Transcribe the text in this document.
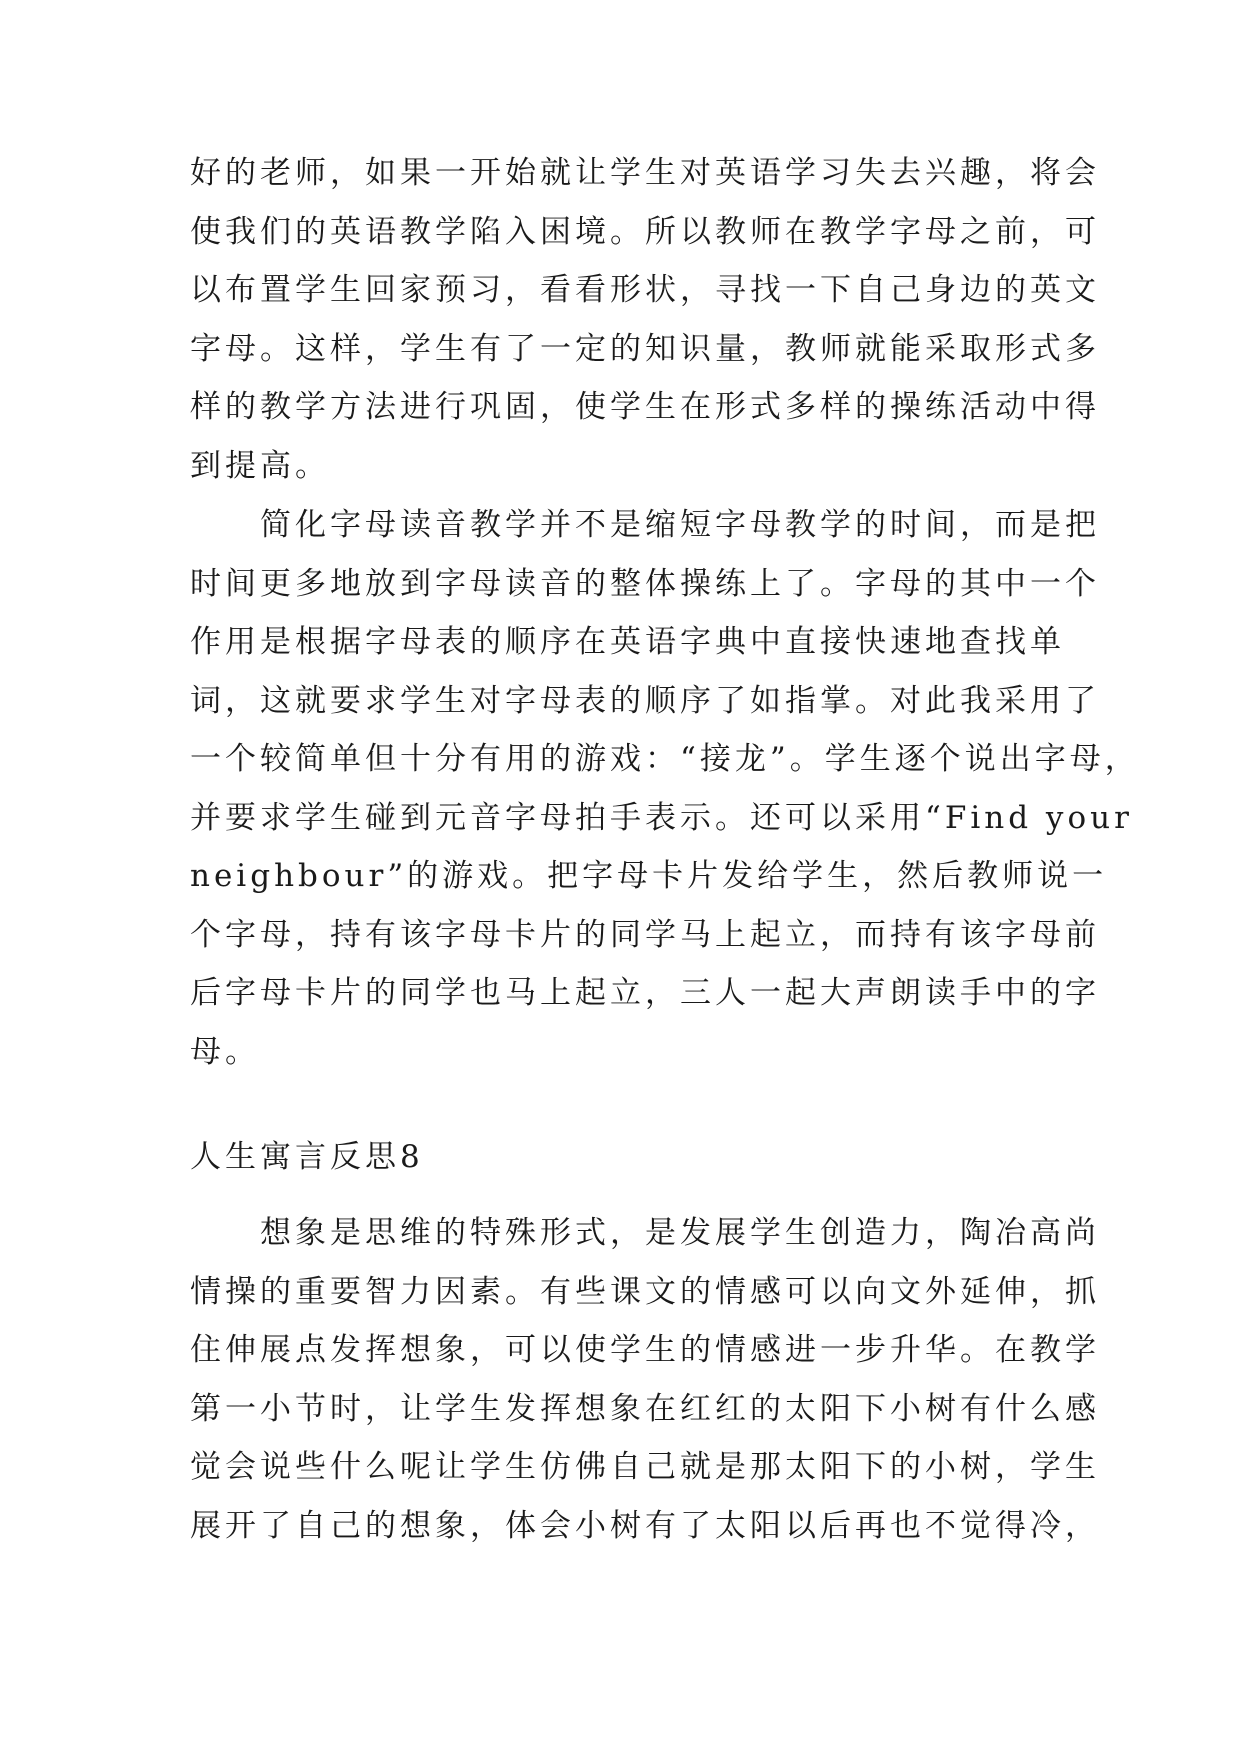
好的老师，如果一开始就让学生对英语学习失去兴趣，将会
使我们的英语教学陷入困境。所以教师在教学字母之前，可
以布置学生回家预习，看看形状，寻找一下自己身边的英文
字母。这样，学生有了一定的知识量，教师就能采取形式多
样的教学方法进行巩固，使学生在形式多样的操练活动中得
到提高。
简化字母读音教学并不是缩短字母教学的时间，而是把
时间更多地放到字母读音的整体操练上了。字母的其中一个
作用是根据字母表的顺序在英语字典中直接快速地查找单
词，这就要求学生对字母表的顺序了如指掌。对此我采用了
一个较简单但十分有用的游戏：“接龙”。学生逐个说出字母，
并要求学生碰到元音字母拍手表示。还可以采用“Find your
neighbour”的游戏。把字母卡片发给学生，然后教师说一
个字母，持有该字母卡片的同学马上起立，而持有该字母前
后字母卡片的同学也马上起立，三人一起大声朗读手中的字
母。
人生寓言反思8
想象是思维的特殊形式，是发展学生创造力，陶冶高尚
情操的重要智力因素。有些课文的情感可以向文外延伸，抓
住伸展点发挥想象，可以使学生的情感进一步升华。在教学
第一小节时，让学生发挥想象在红红的太阳下小树有什么感
觉会说些什么呢让学生仿佛自己就是那太阳下的小树，学生
展开了自己的想象，体会小树有了太阳以后再也不觉得冷，
